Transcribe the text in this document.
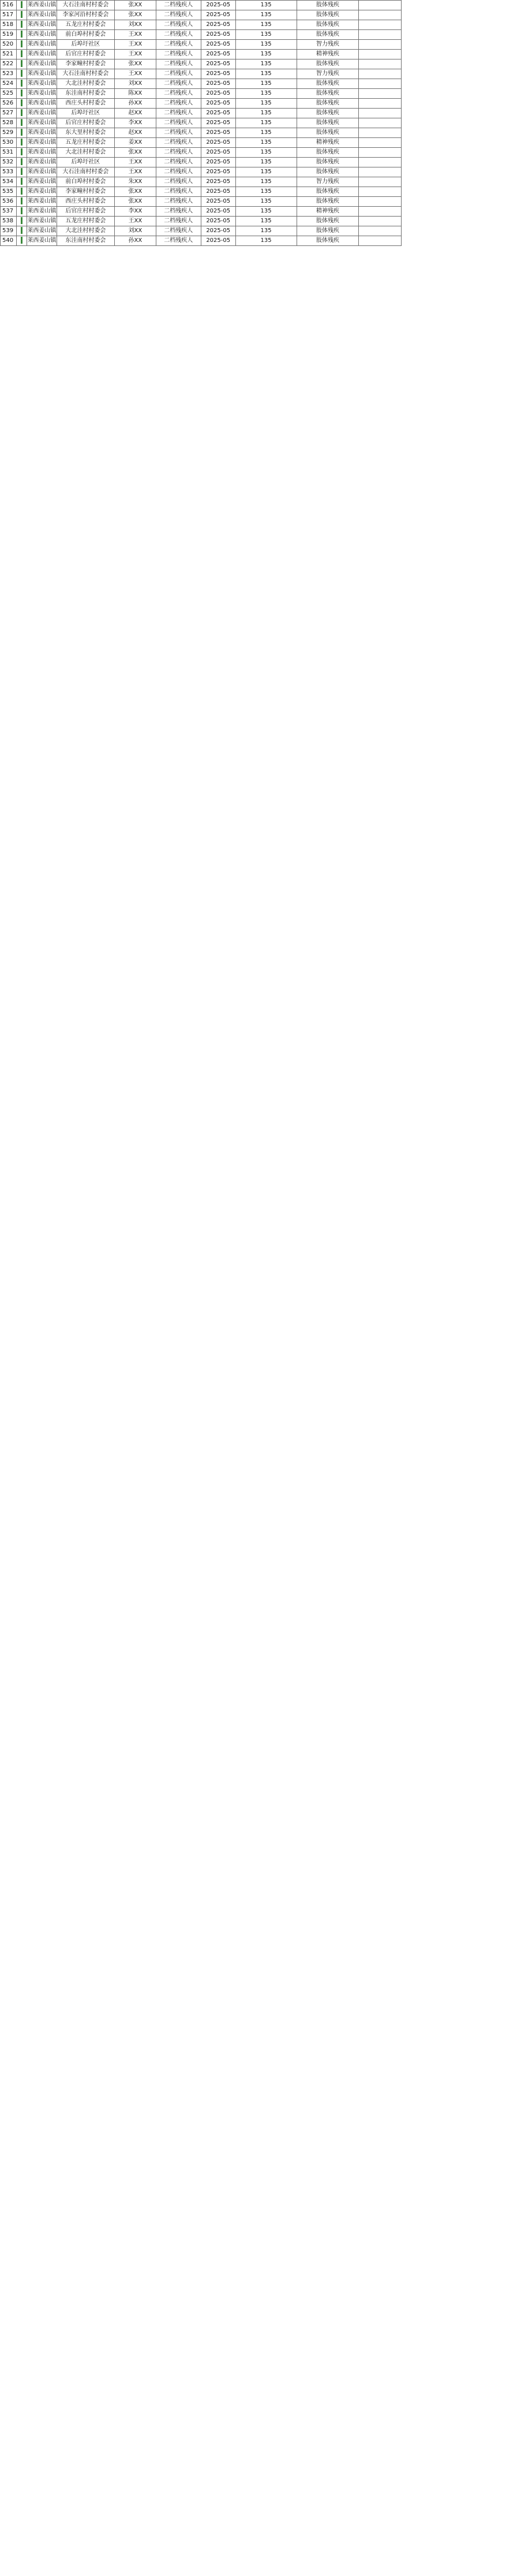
516		莱西姜山镇	大石洼南村村委会	张XX	二档残疾人	2025-05	135	肢体残疾	
517		莱西姜山镇	李家河沿村村委会	张XX	二档残疾人	2025-05	135	肢体残疾	
518		莱西姜山镇	五龙庄村村委会	刘XX	二档残疾人	2025-05	135	肢体残疾	
519		莱西姜山镇	前白埠村村委会	王XX	二档残疾人	2025-05	135	肢体残疾	
520		莱西姜山镇	后埠圩社区	王XX	二档残疾人	2025-05	135	智力残疾	
521		莱西姜山镇	后官庄村村委会	王XX	二档残疾人	2025-05	135	精神残疾	
522		莱西姜山镇	李家疃村村委会	张XX	二档残疾人	2025-05	135	肢体残疾	
523		莱西姜山镇	大石洼南村村委会	王XX	二档残疾人	2025-05	135	智力残疾	
524		莱西姜山镇	大北洼村村委会	刘XX	二档残疾人	2025-05	135	肢体残疾	
525		莱西姜山镇	东洼南村村委会	陈XX	二档残疾人	2025-05	135	肢体残疾	
526		莱西姜山镇	西庄头村村委会	孙XX	二档残疾人	2025-05	135	肢体残疾	
527		莱西姜山镇	后埠圩社区	赵XX	二档残疾人	2025-05	135	肢体残疾	
528		莱西姜山镇	后官庄村村委会	李XX	二档残疾人	2025-05	135	肢体残疾	
529		莱西姜山镇	东大里村村委会	赵XX	二档残疾人	2025-05	135	肢体残疾	
530		莱西姜山镇	五龙庄村村委会	姜XX	二档残疾人	2025-05	135	精神残疾	
531		莱西姜山镇	大北洼村村委会	张XX	二档残疾人	2025-05	135	肢体残疾	
532		莱西姜山镇	后埠圩社区	王XX	二档残疾人	2025-05	135	肢体残疾	
533		莱西姜山镇	大石洼南村村委会	王XX	二档残疾人	2025-05	135	肢体残疾	
534		莱西姜山镇	前白埠村村委会	朱XX	二档残疾人	2025-05	135	智力残疾	
535		莱西姜山镇	李家疃村村委会	张XX	二档残疾人	2025-05	135	肢体残疾	
536		莱西姜山镇	西庄头村村委会	张XX	二档残疾人	2025-05	135	肢体残疾	
537		莱西姜山镇	后官庄村村委会	李XX	二档残疾人	2025-05	135	精神残疾	
538		莱西姜山镇	五龙庄村村委会	王XX	二档残疾人	2025-05	135	肢体残疾	
539		莱西姜山镇	大北洼村村委会	刘XX	二档残疾人	2025-05	135	肢体残疾	
540		莱西姜山镇	东洼南村村委会	孙XX	二档残疾人	2025-05	135	肢体残疾	
